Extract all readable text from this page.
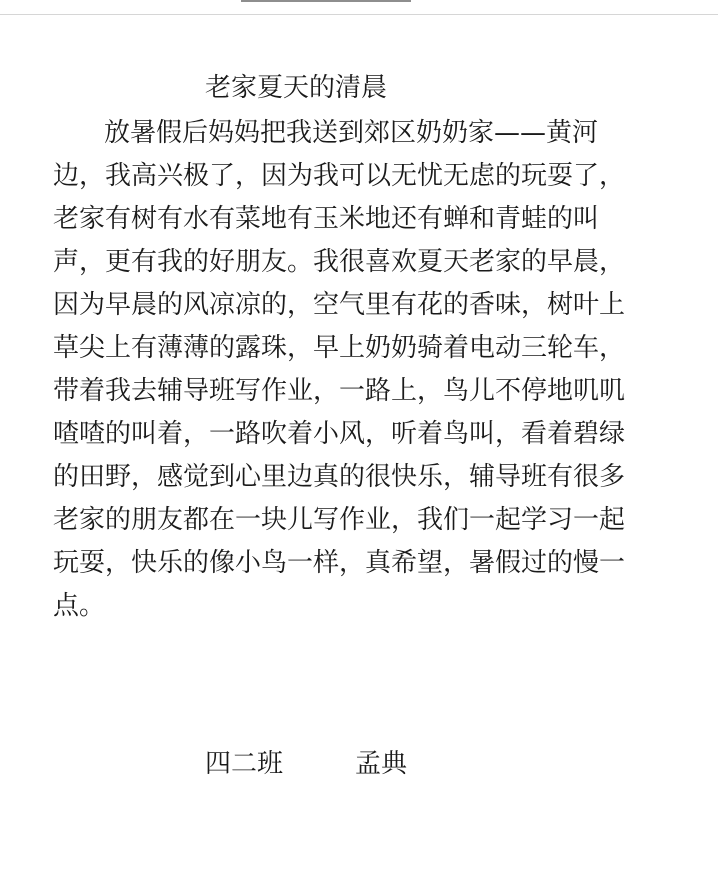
老家夏天的清晨
放暑假后妈妈把我送到郊区奶奶家——黄河
边，我高兴极了，因为我可以无忧无虑的玩耍了，
老家有树有水有菜地有玉米地还有蝉和青蛙的叫
声，更有我的好朋友。我很喜欢夏天老家的早晨，
因为早晨的风凉凉的，空气里有花的香味，树叶上
草尖上有薄薄的露珠，早上奶奶骑着电动三轮车，
带着我去辅导班写作业，一路上，鸟儿不停地叽叽
喳喳的叫着，一路吹着小风，听着鸟叫，看着碧绿
的田野，感觉到心里边真的很快乐，辅导班有很多
老家的朋友都在一块儿写作业，我们一起学习一起
玩耍，快乐的像小鸟一样，真希望，暑假过的慢一
点。
四二班	孟典
